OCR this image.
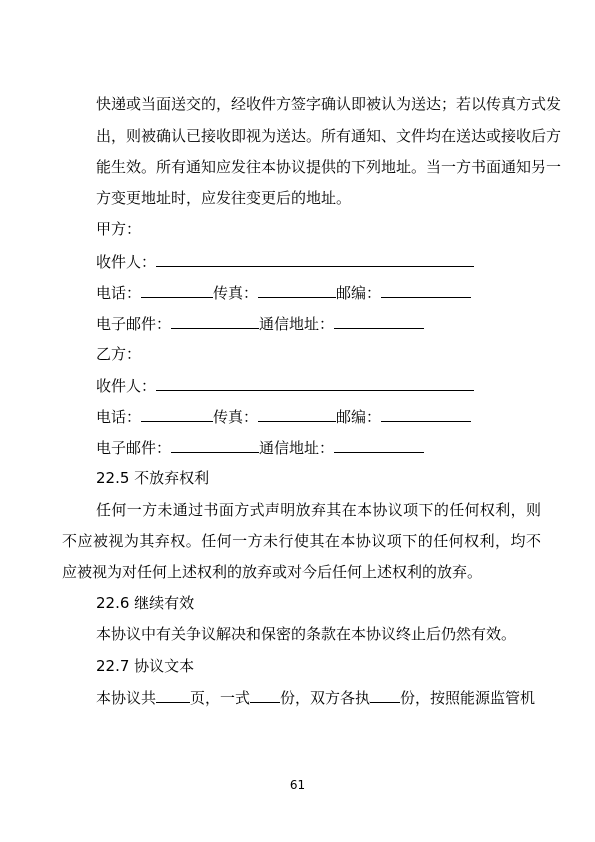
快递或当面送交的，经收件方签字确认即被认为送达；若以传真方式发
出，则被确认已接收即视为送达。所有通知、文件均在送达或接收后方
能生效。所有通知应发往本协议提供的下列地址。当一方书面通知另一
方变更地址时，应发往变更后的地址。
甲方：
收件人：
电话：	传真：	邮编：
电子邮件：	通信地址：
乙方：
收件人：
电话：	传真：	邮编：
电子邮件：	通信地址：
22.5 不放弃权利
任何一方未通过书面方式声明放弃其在本协议项下的任何权利，则
不应被视为其弃权。任何一方未行使其在本协议项下的任何权利，均不
应被视为对任何上述权利的放弃或对今后任何上述权利的放弃。
22.6 继续有效
本协议中有关争议解决和保密的条款在本协议终止后仍然有效。
22.7 协议文本
本协议共 页，一式 份，双方各执 份，按照能源监管机
61
